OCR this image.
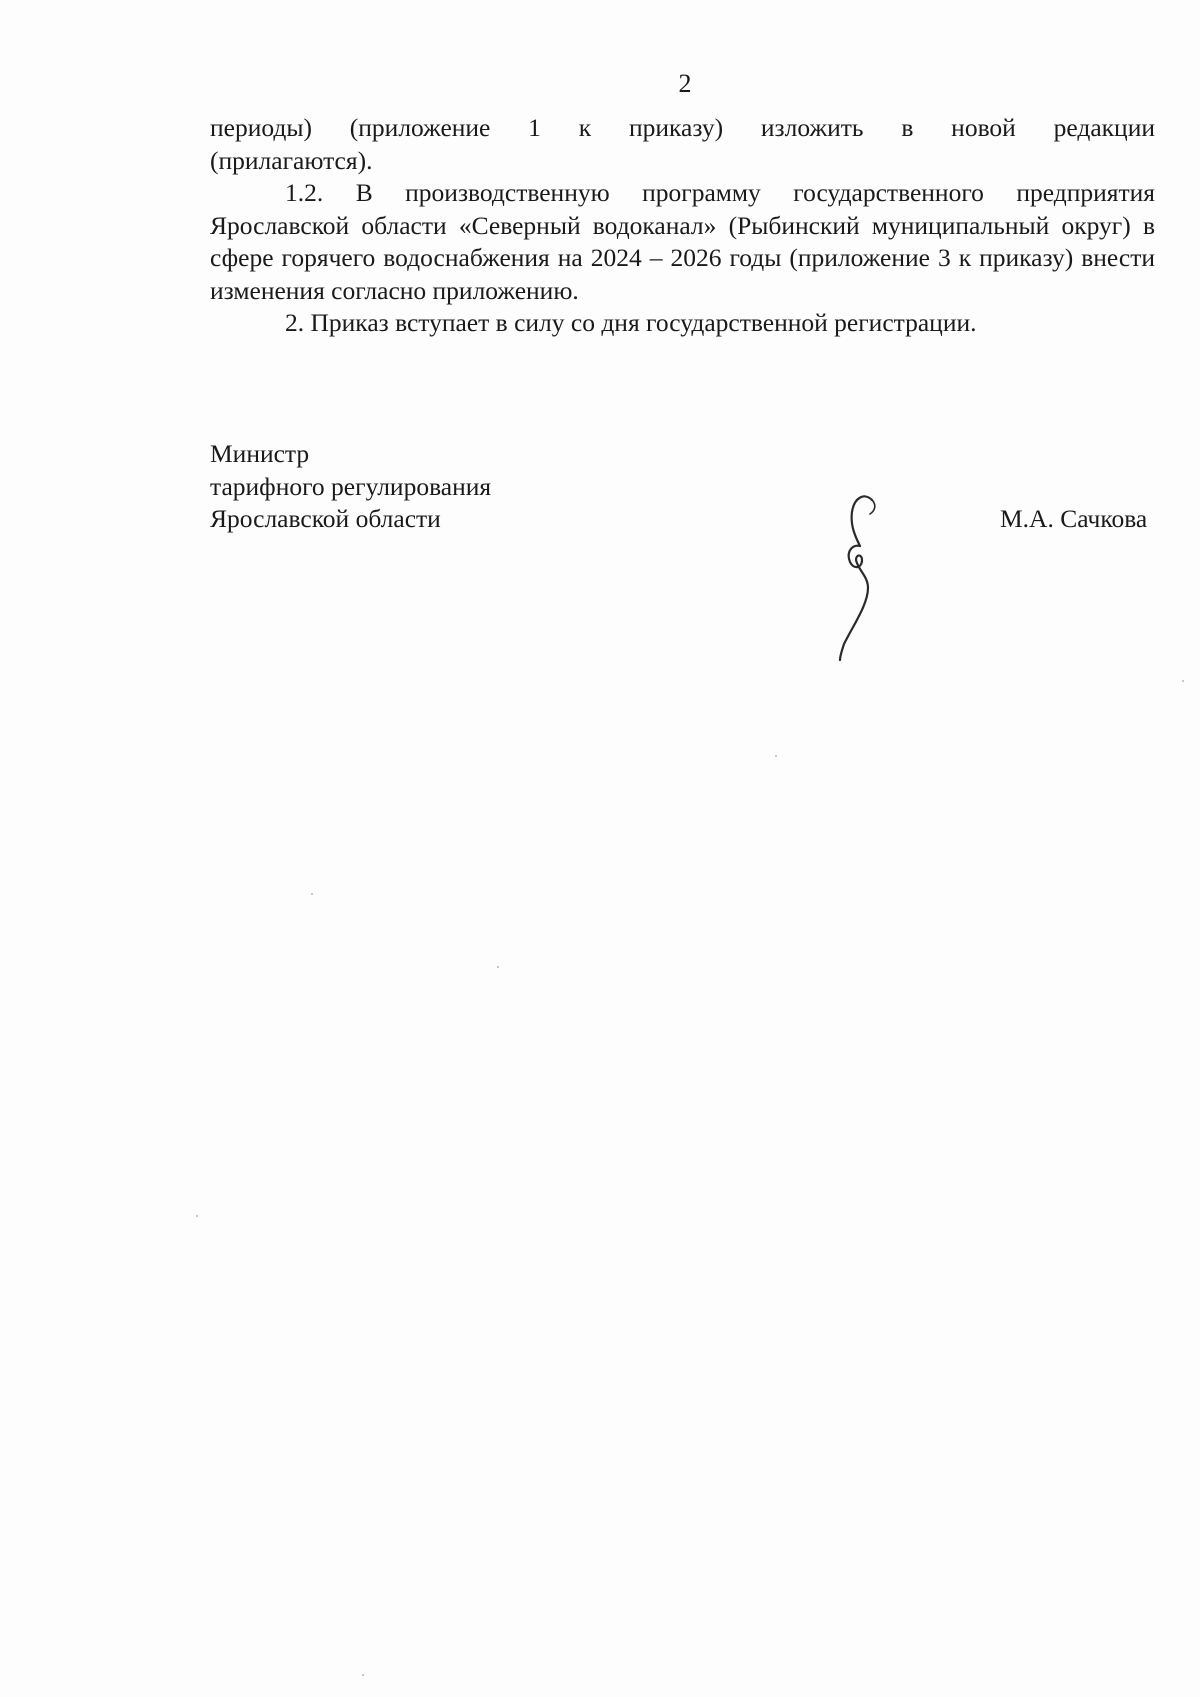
2

периоды) (приложение 1 к приказу) изложить в новой редакции

(прилагаются).

1.2. В производственную программу государственного предприятия Ярославской области «Северный водоканал» (Рыбинский муниципальный округ) в сфере горячего водоснабжения на 2024 – 2026 годы (приложение 3 к приказу) внести изменения согласно приложению.

2. Приказ вступает в силу со дня государственной регистрации.

Министр
тарифного регулирования
Ярославской области	М.А. Сачкова
